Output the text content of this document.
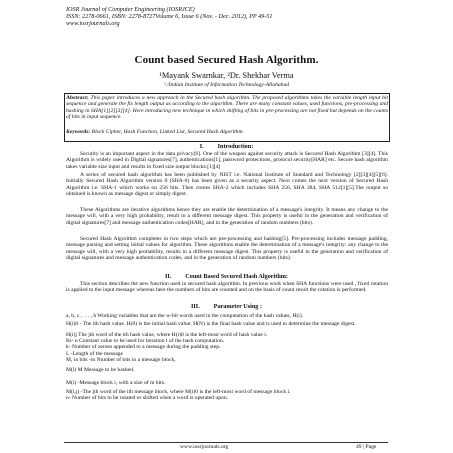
IOSR Journal of Computer Engineering (IOSRJCE)
ISSN: 2278-0661, ISBN: 2278-8727Volume 6, Issue 6 (Nov. - Dec. 2012), PP 49-51
www.iosrjournals.org
Count based Secured Hash Algorithm.
¹Mayank Swarnkar, ²Dr. Shekhar Verma
¹,²Indian Institute of Information Technology-Allahabad
Abstract: This paper introduces a new approach in the Secured hash algorithm. The proposed algorithms takes the variable length input bit sequence and generate the fix length output as according to the algorithm. There are many constant values, used functions, pre-processing and hashing in SHA[1][2][3][4]. Here introducing new technique in which shifting of bits in pre-processing are not fixed but depends on the counts of bits in input sequence.
Keywords: Block Cipher, Hash Function, Linked List, Secured Hash Algorithm.
I.         Introduction:
Security is an important aspect in the data privacy[6]. One of the weapon against security attack is Secured Hash Algorithm [3][4]. This Algorithm is widely used in Digital signatures[7], authentications[1], password protections, protocol security[HAR] etc. Secure hash algorithm takes variable size input and results in fixed size output blocks.[1][4]
A series of secured hash algorithm has been published by NIST i.e. National Institute of Standard and Technology [2][3][4][5][6]. Initially Secured Hash Algorithm version 0 (SHA-0) has been given as a security aspect. Next comes the next version of Secured Hash Algorithm i.e. SHA-1 which works on 256 bits. Then comes SHA-2 which includes SHA 256, SHA 384, SHA 512[1][5].The output so obtained is known as message digest or simply digest.
These Algorithms are iterative algorithms hence they are enable the determination of a message's integrity. It means any change to the message will, with a very high probability, result in a different message digest. This property is useful in the generation and verification of digital signatures[7] and message authentication codes[HAR], and in the generation of random numbers (bits).
Secured Hash Algorithm completes in two steps which are pre-processing and hashing[5]. Pre-processing includes message padding, message parsing and setting initial values for algorithm. These algorithms enable the determination of a message's integrity: any change to the message will, with a very high probability, results in a different message digest. This property is useful in the generation and verification of digital signatures and message authentication codes, and in the generation of random numbers (bits).
II.         Count Based Secured Hash Algorithm:
This section describes the new function used in secured hash algorithm. In previous work when SHA functions were used , fixed rotation is applied to the input message whereas here the numbers of bits are counted and on the basis of count result the rotation is performed.
III.         Parameter Using :
a, b, c, . . . , h Working variables that are the w-bit words used in the computation of the hash values, H(i).
H(i)0 - The ith hash value. H(0) is the initial hash value; H(N) is the final hash value and is used to determine the message digest.
H(i)j The jth word of the ith hash value, where H(i)0 is the left-most word of hash value i.
Kt- n Constant value to be used for iteration t of the hash computation.
k- Number of zeroes appended to a message during the padding step.
L -Length of the message
M, in bits -m Number of bits in a message block,
M(i) M Message to be hashed.
M(i) -Message block i, with a size of m bits.
M(i,j) -The jth word of the ith message block, where M(i)0 is the left-most word of message block i.
n- Number of bits to be rotated or shifted when a word is operated upon.
www.iosrjournals.org	49 | Page
